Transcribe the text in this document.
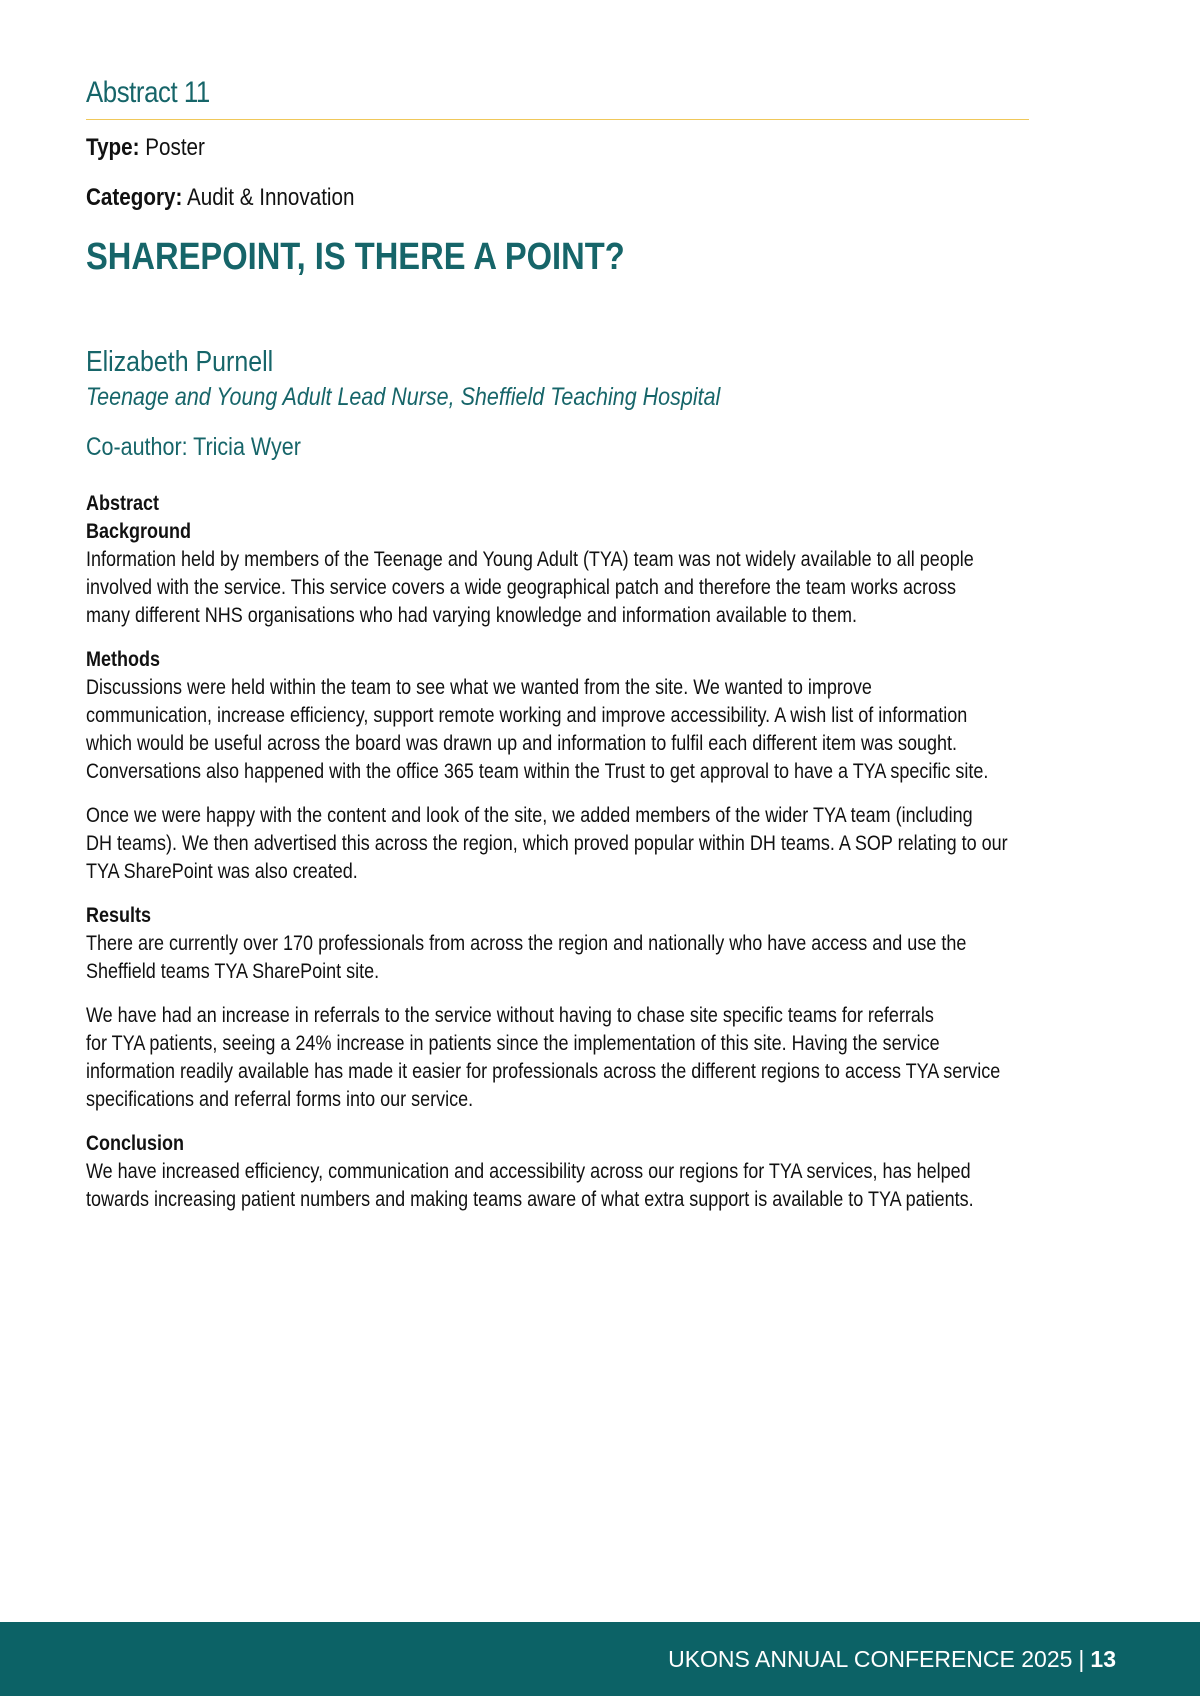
Abstract 11
Type: Poster
Category: Audit & Innovation
SHAREPOINT, IS THERE A POINT?
Elizabeth Purnell
Teenage and Young Adult Lead Nurse, Sheffield Teaching Hospital
Co-author: Tricia Wyer
Abstract
Background

Information held by members of the Teenage and Young Adult (TYA) team was not widely available to all people
involved with the service. This service covers a wide geographical patch and therefore the team works across
many different NHS organisations who had varying knowledge and information available to them.

Methods

Discussions were held within the team to see what we wanted from the site. We wanted to improve
communication, increase efficiency, support remote working and improve accessibility. A wish list of information
which would be useful across the board was drawn up and information to fulfil each different item was sought.
Conversations also happened with the office 365 team within the Trust to get approval to have a TYA specific site.

Once we were happy with the content and look of the site, we added members of the wider TYA team (including
DH teams). We then advertised this across the region, which proved popular within DH teams. A SOP relating to our
TYA SharePoint was also created.

Results

There are currently over 170 professionals from across the region and nationally who have access and use the
Sheffield teams TYA SharePoint site.

We have had an increase in referrals to the service without having to chase site specific teams for referrals
for TYA patients, seeing a 24% increase in patients since the implementation of this site. Having the service
information readily available has made it easier for professionals across the different regions to access TYA service
specifications and referral forms into our service.

Conclusion

We have increased efficiency, communication and accessibility across our regions for TYA services, has helped
towards increasing patient numbers and making teams aware of what extra support is available to TYA patients.

UKONS ANNUAL CONFERENCE 2025 | 13
